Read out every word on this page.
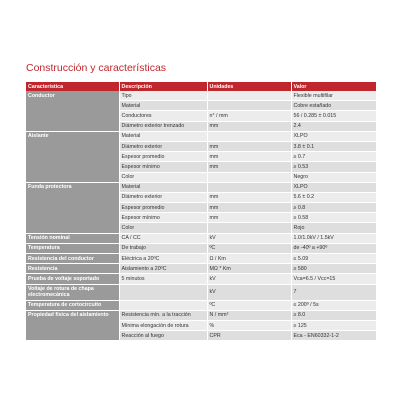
Construcción y características
Característica	Descripción	Unidades	Valor
Conductor	Tipo		Flexible multifilar
	Material		Cobre estañado
	Conductores	n° / mm	56 / 0.285 ± 0.015
	Diámetro exterior trenzado	mm	2.4
Aislante	Material		XLPO
	Diámetro exterior	mm	3.8 ± 0.1
	Espesor promedio	mm	≥ 0.7
	Espesor mínimo	mm	≥ 0.53
	Color		Negro
Funda protectora	Material		XLPO
	Diámetro exterior	mm	5.6 ± 0.2
	Espesor promedio	mm	≥ 0.8
	Espesor mínimo	mm	≥ 0.58
	Color		Rojo
Tensión nominal	CA / CC	kV	1.0/1.0kV / 1.5kV
Temperatura	De trabajo	ºC	de -40º a +90º
Resistencia del conductor	Eléctrica a 20ºC	Ω / Km	≤ 5.09
Resistencia	Aislamiento a 20ºC	MΩ * Km	≥ 580
Prueba de voltaje soportado	5 minutos	kV	Vca=6.5 / Vcc=15
Voltaje de rotura de chapa electromecánica		kV	7
Temperatura de cortocircuito		ºC	≤ 200º / 5s
Propiedad física del aislamiento	Resistencia mín. a la tracción	N / mm²	≥ 8.0
	Mínima elongación de rotura	%	≥ 125
	Reacción al fuego	CPR	Eca - EN60332-1-2
